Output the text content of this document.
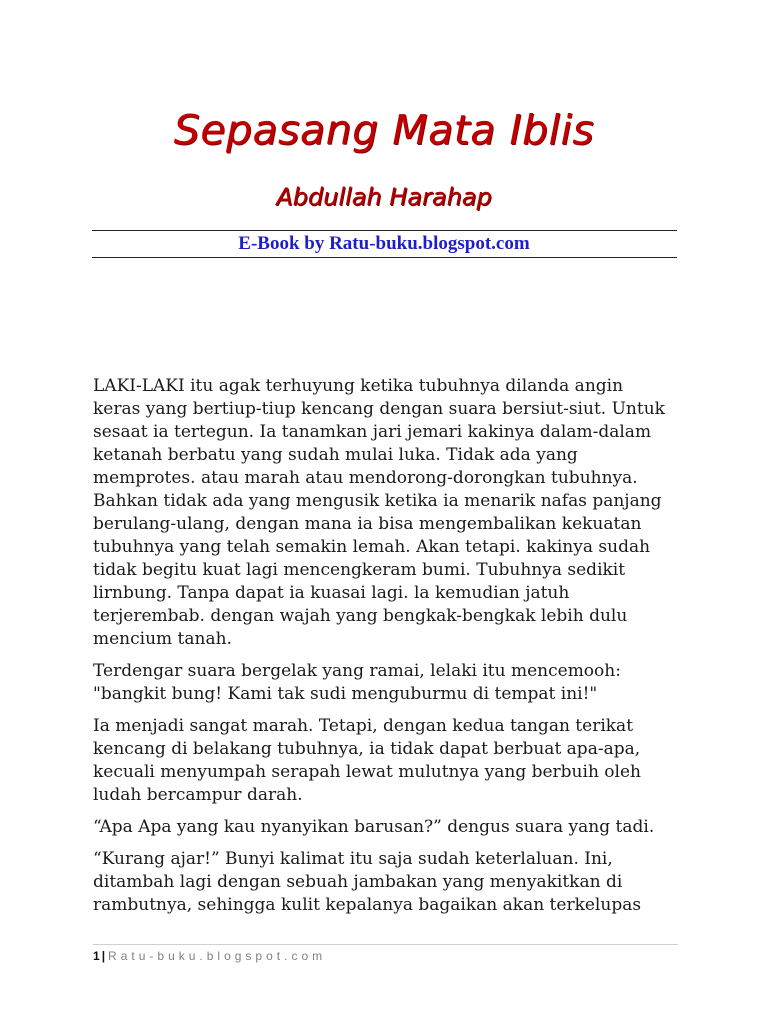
Sepasang Mata Iblis
Abdullah Harahap
E-Book by Ratu-buku.blogspot.com

LAKI-LAKI itu agak terhuyung ketika tubuhnya dilanda angin
keras yang bertiup-tiup kencang dengan suara bersiut-siut. Untuk
sesaat ia tertegun. Ia tanamkan jari jemari kakinya dalam-dalam
ketanah berbatu yang sudah mulai luka. Tidak ada yang
memprotes. atau marah atau mendorong-dorongkan tubuhnya.
Bahkan tidak ada yang mengusik ketika ia menarik nafas panjang
berulang-ulang, dengan mana ia bisa mengembalikan kekuatan
tubuhnya yang telah semakin lemah. Akan tetapi. kakinya sudah
tidak begitu kuat lagi mencengkeram bumi. Tubuhnya sedikit
lirnbung. Tanpa dapat ia kuasai lagi. la kemudian jatuh
terjerembab. dengan wajah yang bengkak-bengkak lebih dulu
mencium tanah.

Terdengar suara bergelak yang ramai, lelaki itu mencemooh:
"bangkit bung! Kami tak sudi menguburmu di tempat ini!"

Ia menjadi sangat marah. Tetapi, dengan kedua tangan terikat
kencang di belakang tubuhnya, ia tidak dapat berbuat apa-apa,
kecuali menyumpah serapah lewat mulutnya yang berbuih oleh
ludah bercampur darah.

“Apa Apa yang kau nyanyikan barusan?” dengus suara yang tadi.

“Kurang ajar!” Bunyi kalimat itu saja sudah keterlaluan. Ini,
ditambah lagi dengan sebuah jambakan yang menyakitkan di
rambutnya, sehingga kulit kepalanya bagaikan akan terkelupas

1 | Ratu-buku.blogspot.com
